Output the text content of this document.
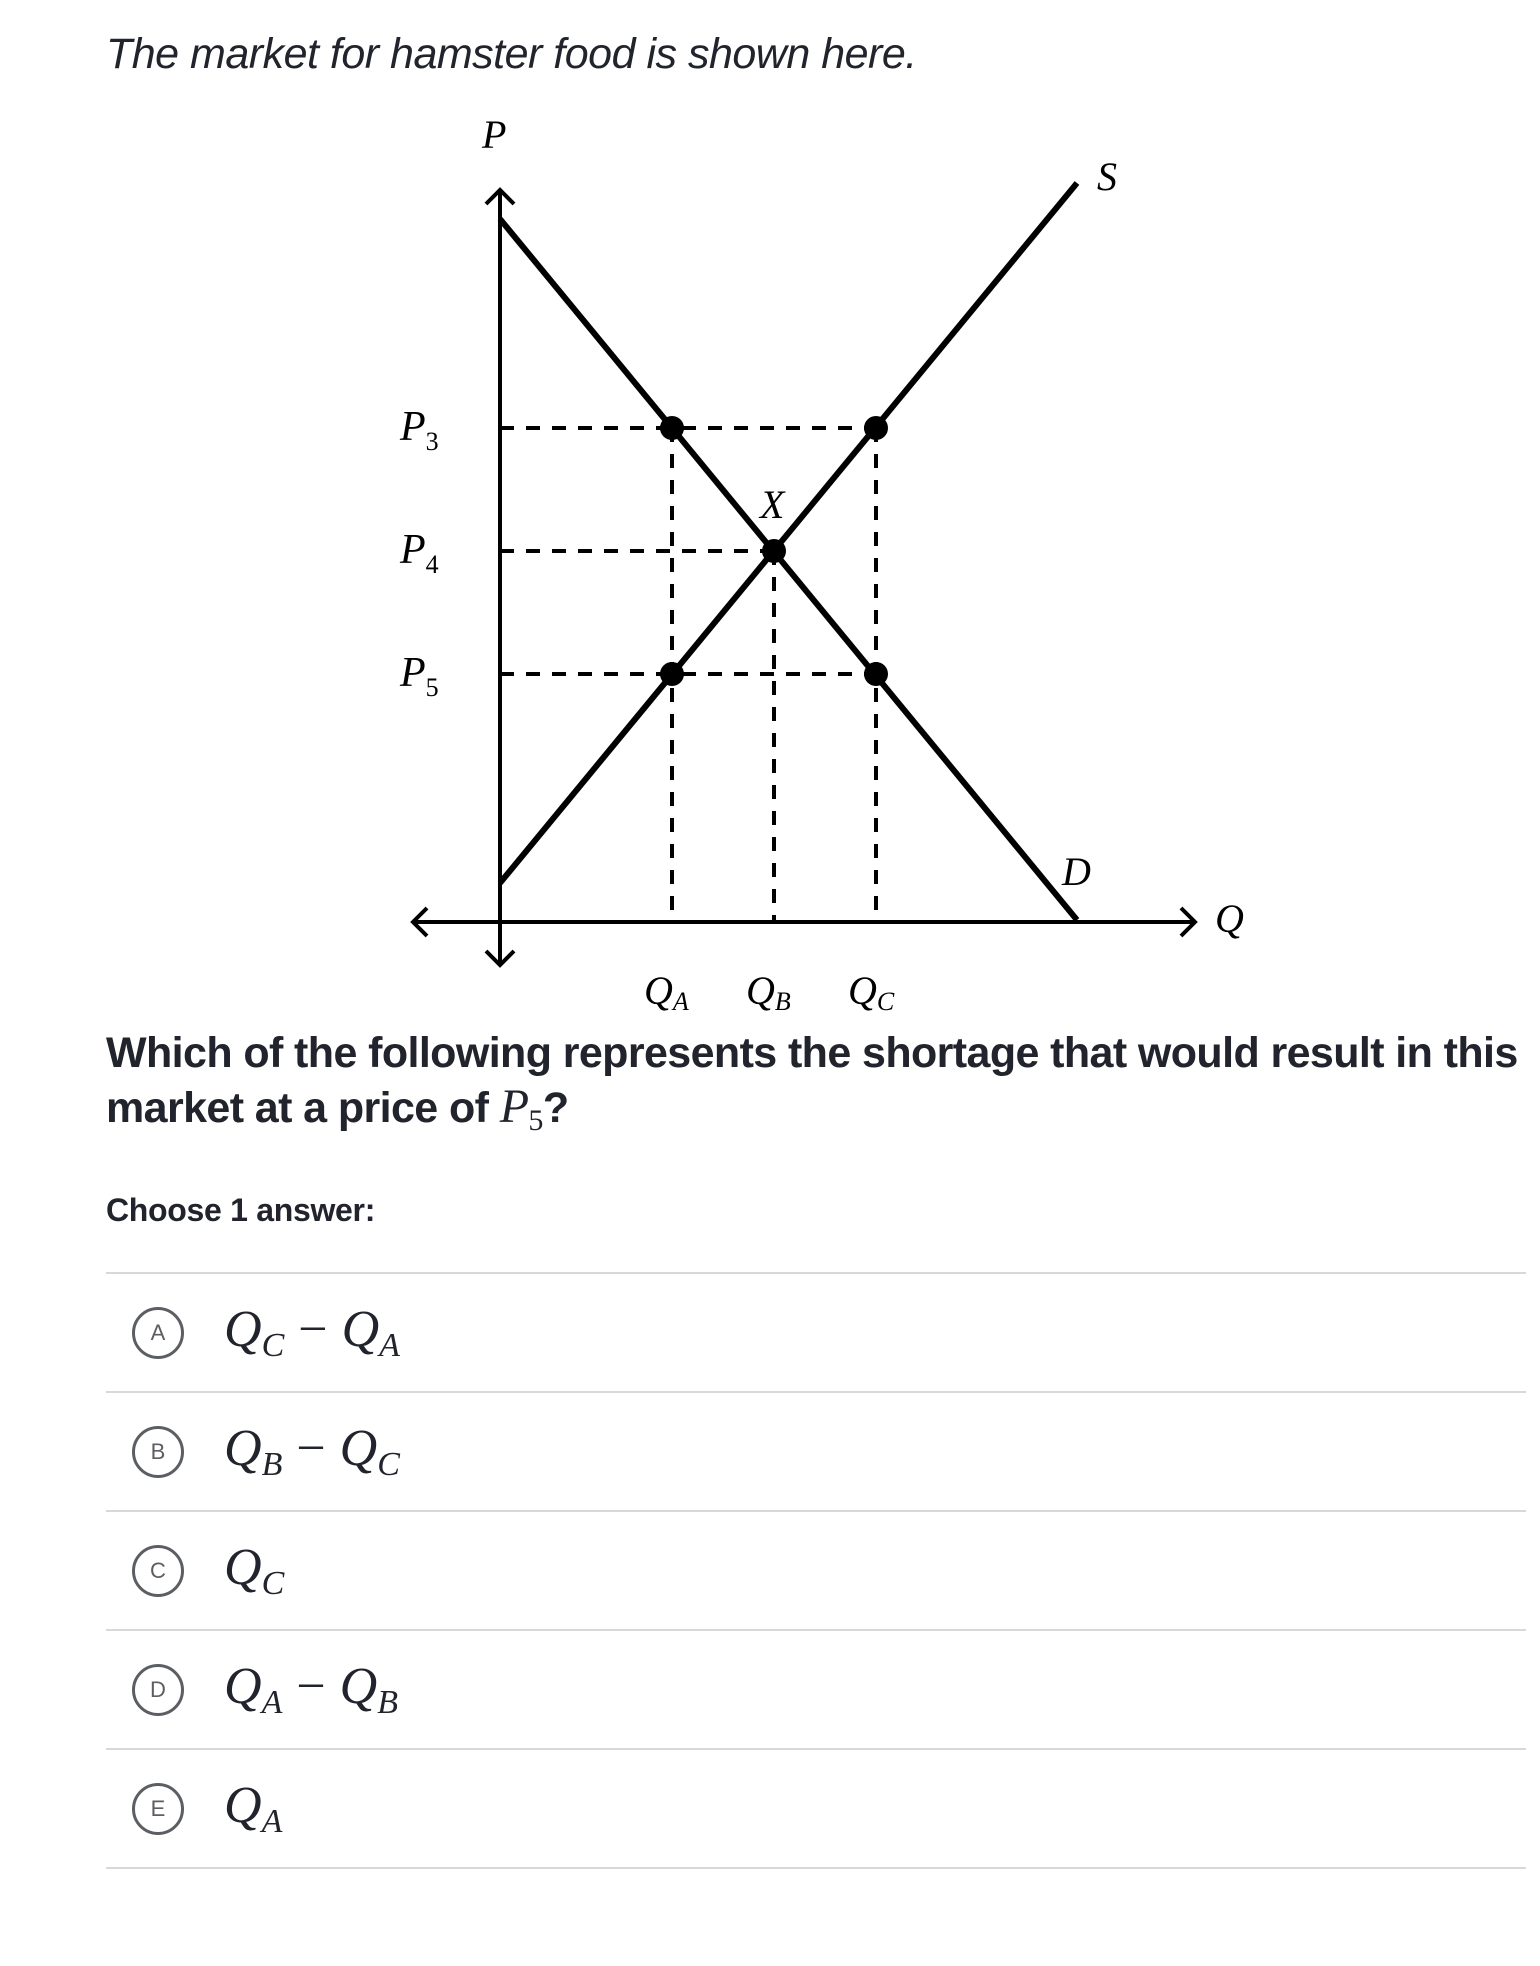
The market for hamster food is shown here.
P
Q
S
D
X
$P_3$
$P_4$
$P_5$
QA QB QC
Which of the following represents the shortage that would result in this market at a price of $P_5$?
Choose 1 answer:
A	$Q_C - Q_A$
B	$Q_B - Q_C$
C	$Q_C$
D	$Q_A - Q_B$
E	$Q_A$
